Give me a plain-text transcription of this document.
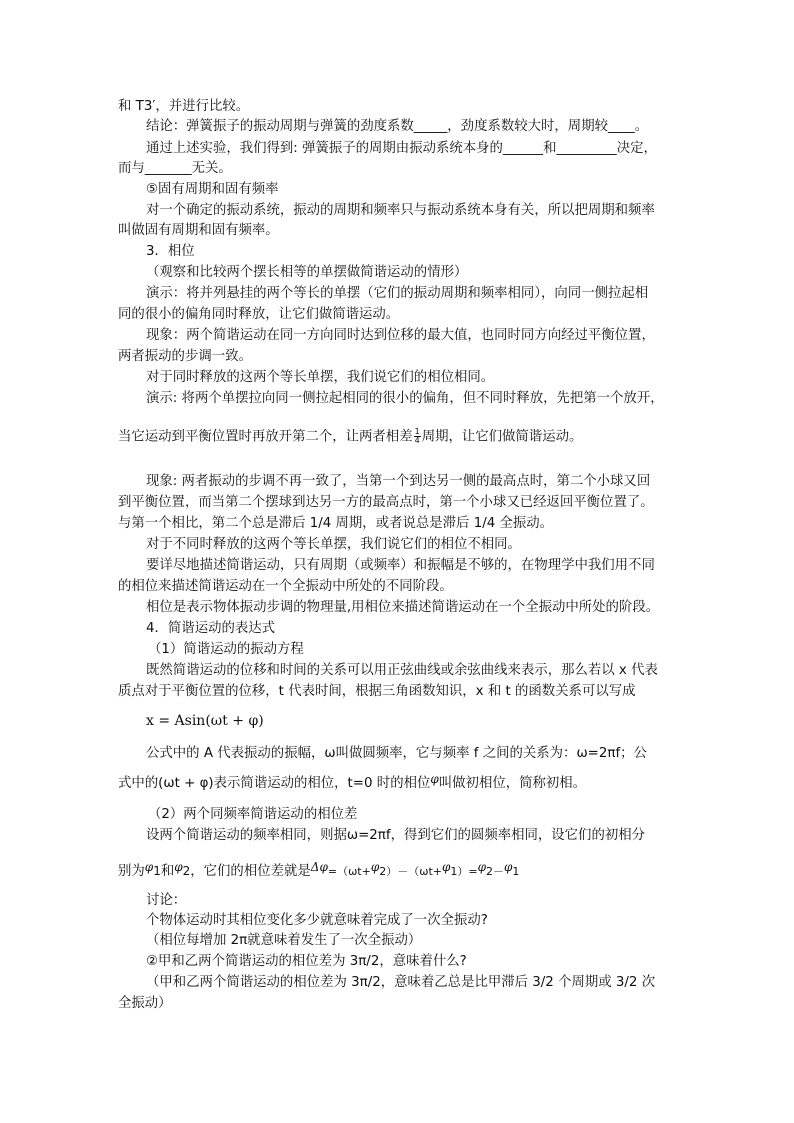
和 T3′，并进行比较。
结论：弹簧振子的振动周期与弹簧的劲度系数_____，劲度系数较大时，周期较____。
通过上述实验，我们得到: 弹簧振子的周期由振动系统本身的______和_________决定，
而与_______无关。
⑤固有周期和固有频率
对一个确定的振动系统，振动的周期和频率只与振动系统本身有关，所以把周期和频率
叫做固有周期和固有频率。
3．相位
（观察和比较两个摆长相等的单摆做简谐运动的情形）
演示：将并列悬挂的两个等长的单摆（它们的振动周期和频率相同），向同一侧拉起相
同的很小的偏角同时释放，让它们做简谐运动。
现象：两个简谐运动在同一方向同时达到位移的最大值，也同时同方向经过平衡位置，
两者振动的步调一致。
对于同时释放的这两个等长单摆，我们说它们的相位相同。
演示: 将两个单摆拉向同一侧拉起相同的很小的偏角，但不同时释放，先把第一个放开，
当它运动到平衡位置时再放开第二个，让两者相差 $\frac{1}{4}$ 周期，让它们做简谐运动。
现象: 两者振动的步调不再一致了，当第一个到达另一侧的最高点时，第二个小球又回
到平衡位置，而当第二个摆球到达另一方的最高点时，第一个小球又已经返回平衡位置了。
与第一个相比，第二个总是滞后 1/4 周期，或者说总是滞后 1/4 全振动。
对于不同时释放的这两个等长单摆，我们说它们的相位不相同。
要详尽地描述简谐运动，只有周期（或频率）和振幅是不够的，在物理学中我们用不同
的相位来描述简谐运动在一个全振动中所处的不同阶段。
相位是表示物体振动步调的物理量,用相位来描述简谐运动在一个全振动中所处的阶段。
4．简谐运动的表达式
（1）简谐运动的振动方程
既然简谐运动的位移和时间的关系可以用正弦曲线或余弦曲线来表示，那么若以 x 代表
质点对于平衡位置的位移，t 代表时间，根据三角函数知识，x 和 t 的函数关系可以写成
x = Asin(ωt + φ)
公式中的 A 代表振动的振幅，ω叫做圆频率，它与频率 f 之间的关系为：ω=2πf；公
式中的(ωt + φ)表示简谐运动的相位，t=0 时的相位φ叫做初相位，简称初相。
（2）两个同频率简谐运动的相位差
设两个简谐运动的频率相同，则据ω=2πf，得到它们的圆频率相同，设它们的初相分
别为φ1和φ2，它们的相位差就是Δφ=（ωt+φ2）－（ωt+φ1）=φ2－φ1
讨论：
个物体运动时其相位变化多少就意味着完成了一次全振动?
（相位每增加 2π就意味着发生了一次全振动）
②甲和乙两个简谐运动的相位差为 3π/2，意味着什么?
（甲和乙两个简谐运动的相位差为 3π/2，意味着乙总是比甲滞后 3/2 个周期或 3/2 次
全振动）
